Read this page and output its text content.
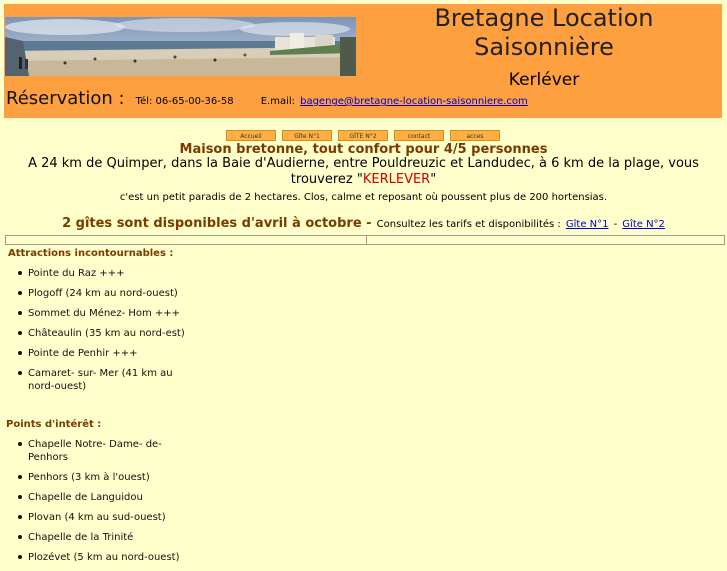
Bretagne Location
Saisonnière
Kerléver
Réservation : Tél: 06-65-00-36-58	E.mail: bagenge@bretagne-location-saisonniere.com
Accueil	Gîte N°1	GÎTE N°2	contact	acces
Maison bretonne, tout confort pour 4/5 personnes
A 24 km de Quimper, dans la Baie d'Audierne, entre Pouldreuzic et Landudec, à 6 km de la plage, vous trouverez "KERLEVER"
c'est un petit paradis de 2 hectares. Clos, calme et reposant où poussent plus de 200 hortensias.
2 gîtes sont disponibles d'avril à octobre - Consultez les tarifs et disponibilités : Gîte N°1 - Gîte N°2
Attractions incontournables :
Pointe du Raz +++
Plogoff (24 km au nord-ouest)
Sommet du Ménez- Hom +++
Châteaulin (35 km au nord-est)
Pointe de Penhir +++
Camaret- sur- Mer (41 km au nord-ouest)
Points d'intérêt :
Chapelle Notre- Dame- de- Penhors
Penhors (3 km à l'ouest)
Chapelle de Languidou
Plovan (4 km au sud-ouest)
Chapelle de la Trinité
Plozévet (5 km au nord-ouest)
